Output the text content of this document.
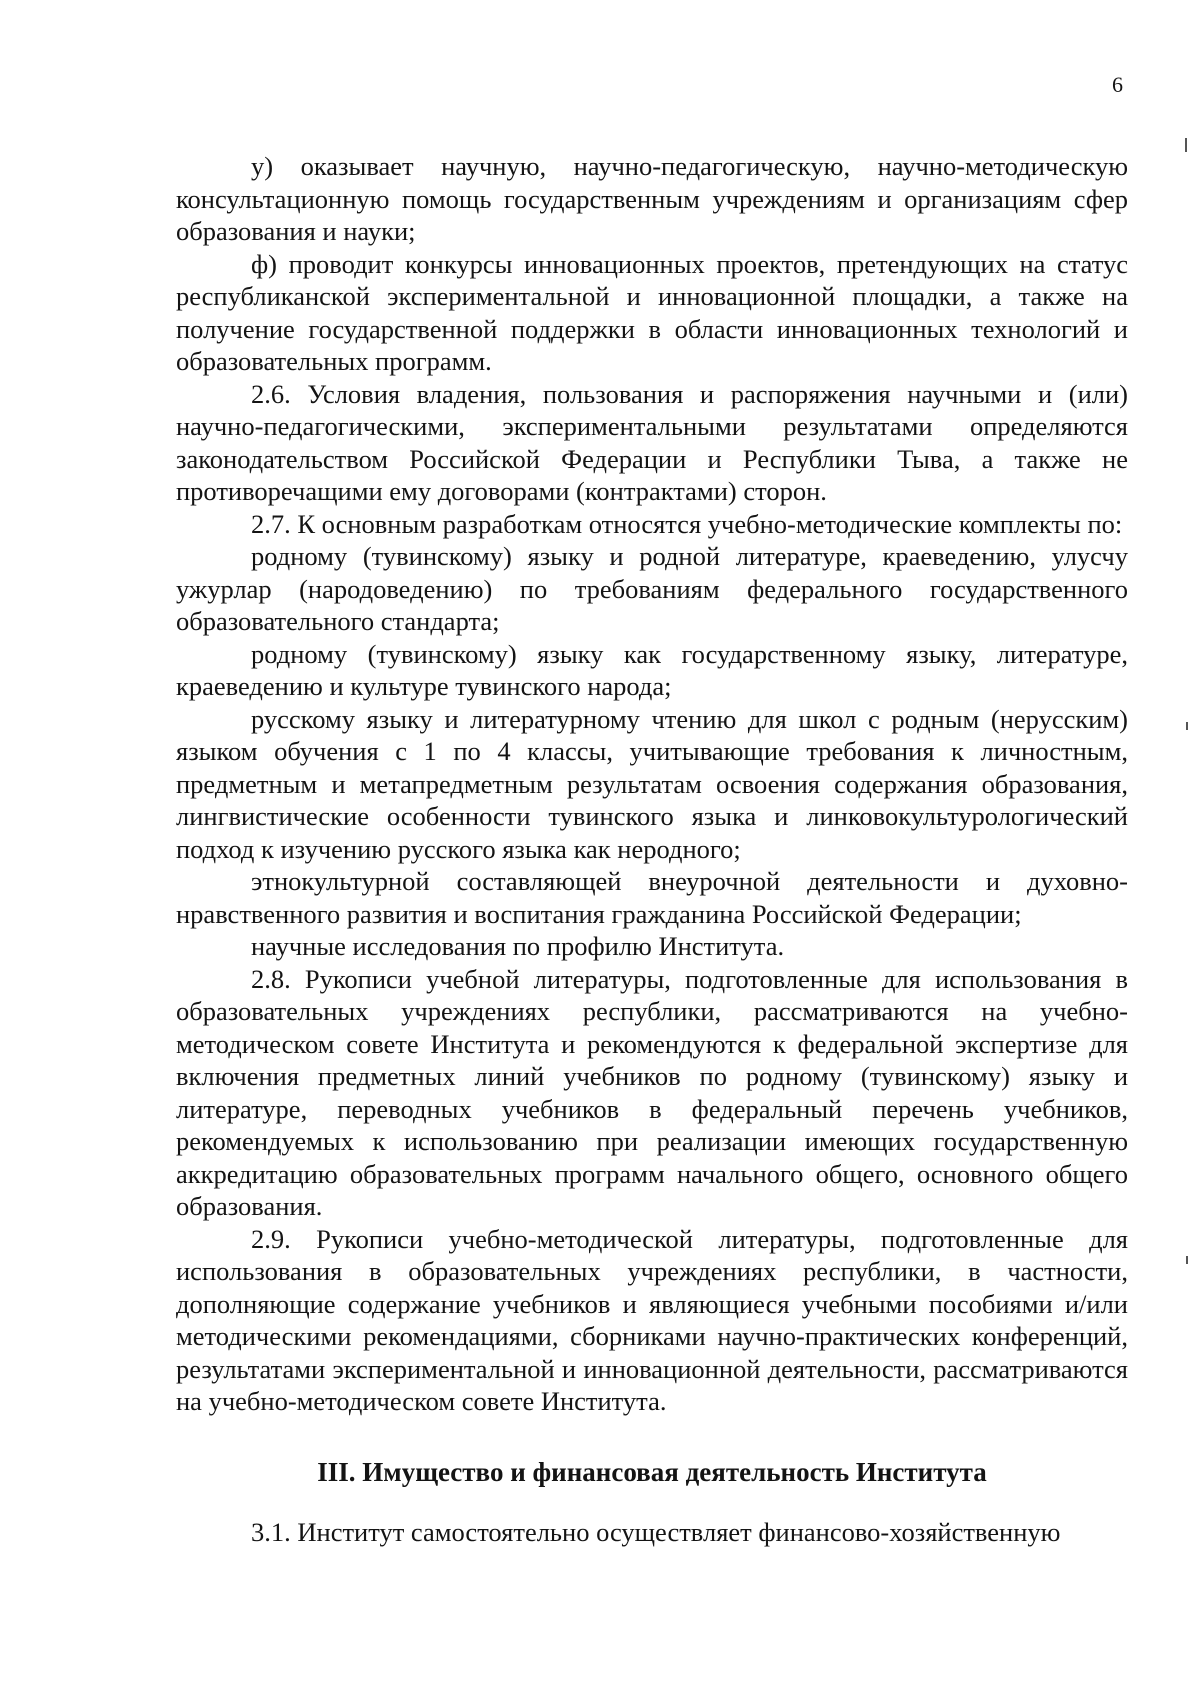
6

у) оказывает научную, научно-педагогическую, научно-методическую консультационную помощь государственным учреждениям и организациям сфер образования и науки;

ф) проводит конкурсы инновационных проектов, претендующих на статус республиканской экспериментальной и инновационной площадки, а также на получение государственной поддержки в области инновационных технологий и образовательных программ.

2.6. Условия владения, пользования и распоряжения научными и (или) научно-педагогическими, экспериментальными результатами определяются законодательством Российской Федерации и Республики Тыва, а также не противоречащими ему договорами (контрактами) сторон.

2.7. К основным разработкам относятся учебно-методические комплекты по:

родному (тувинскому) языку и родной литературе, краеведению, улусчу ужурлар (народоведению) по требованиям федерального государственного образовательного стандарта;

родному (тувинскому) языку как государственному языку, литературе, краеведению и культуре тувинского народа;

русскому языку и литературному чтению для школ с родным (нерусским) языком обучения с 1 по 4 классы, учитывающие требования к личностным, предметным и метапредметным результатам освоения содержания образования, лингвистические особенности тувинского языка и линковокультурологический подход к изучению русского языка как неродного;

этнокультурной составляющей внеурочной деятельности и духовно-нравственного развития и воспитания гражданина Российской Федерации;

научные исследования по профилю Института.

2.8. Рукописи учебной литературы, подготовленные для использования в образовательных учреждениях республики, рассматриваются на учебно-методическом совете Института и рекомендуются к федеральной экспертизе для включения предметных линий учебников по родному (тувинскому) языку и литературе, переводных учебников в федеральный перечень учебников, рекомендуемых к использованию при реализации имеющих государственную аккредитацию образовательных программ начального общего, основного общего образования.

2.9. Рукописи учебно-методической литературы, подготовленные для использования в образовательных учреждениях республики, в частности, дополняющие содержание учебников и являющиеся учебными пособиями и/или методическими рекомендациями, сборниками научно-практических конференций, результатами экспериментальной и инновационной деятельности, рассматриваются на учебно-методическом совете Института.

III. Имущество и финансовая деятельность Института

3.1. Институт самостоятельно осуществляет финансово-хозяйственную
